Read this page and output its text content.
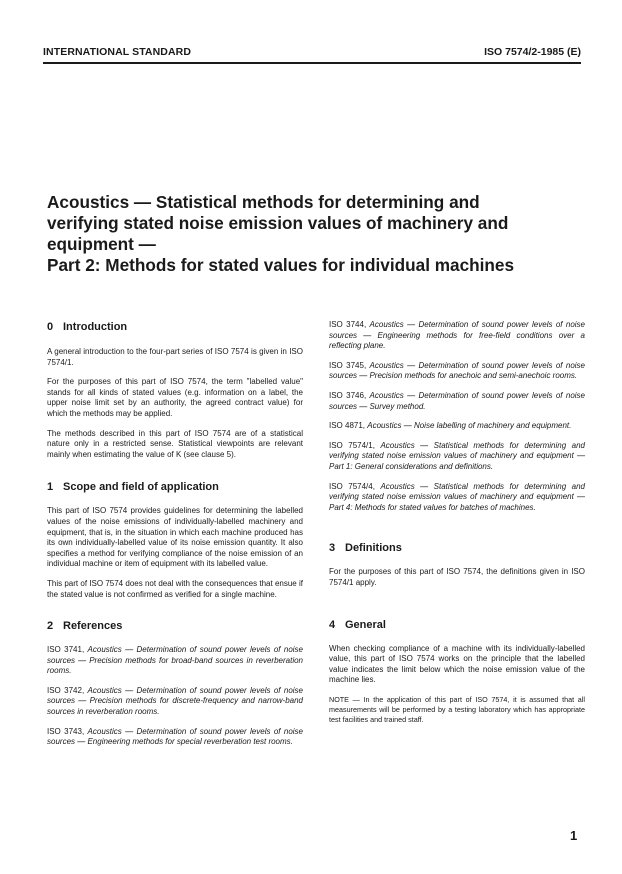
INTERNATIONAL STANDARD	ISO 7574/2-1985 (E)
Acoustics — Statistical methods for determining and
verifying stated noise emission values of machinery and
equipment —
Part 2: Methods for stated values for individual machines
0 Introduction

A general introduction to the four-part series of ISO 7574 is given in ISO 7574/1.

For the purposes of this part of ISO 7574, the term "labelled value" stands for all kinds of stated values (e.g. information on a label, the upper noise limit set by an authority, the agreed contract value) for which the methods may be applied.

The methods described in this part of ISO 7574 are of a statistical nature only in a restricted sense. Statistical viewpoints are relevant mainly when estimating the value of K (see clause 5).

1 Scope and field of application

This part of ISO 7574 provides guidelines for determining the labelled values of the noise emissions of individually-labelled machinery and equipment, that is, in the situation in which each machine produced has its own individually-labelled value of its noise emission quantity. It also specifies a method for verifying compliance of the noise emission of an individual machine or item of equipment with its labelled value.

This part of ISO 7574 does not deal with the consequences that ensue if the stated value is not confirmed as verified for a single machine.

2 References
ISO 3741, Acoustics — Determination of sound power levels of noise sources — Precision methods for broad-band sources in reverberation rooms.
ISO 3742, Acoustics — Determination of sound power levels of noise sources — Precision methods for discrete-frequency and narrow-band sources in reverberation rooms.
ISO 3743, Acoustics — Determination of sound power levels of noise sources — Engineering methods for special reverberation test rooms.
ISO 3744, Acoustics — Determination of sound power levels of noise sources — Engineering methods for free-field conditions over a reflecting plane.
ISO 3745, Acoustics — Determination of sound power levels of noise sources — Precision methods for anechoic and semi-anechoic rooms.
ISO 3746, Acoustics — Determination of sound power levels of noise sources — Survey method.
ISO 4871, Acoustics — Noise labelling of machinery and equipment.
ISO 7574/1, Acoustics — Statistical methods for determining and verifying stated noise emission values of machinery and equipment — Part 1: General considerations and definitions.
ISO 7574/4, Acoustics — Statistical methods for determining and verifying stated noise emission values of machinery and equipment — Part 4: Methods for stated values for batches of machines.
3 Definitions

For the purposes of this part of ISO 7574, the definitions given in ISO 7574/1 apply.

4 General

When checking compliance of a machine with its individually-labelled value, this part of ISO 7574 works on the principle that the labelled value indicates the limit below which the noise emission value of the machine lies.

NOTE — In the application of this part of ISO 7574, it is assumed that all measurements will be performed by a testing laboratory which has appropriate test facilities and trained staff.

1
